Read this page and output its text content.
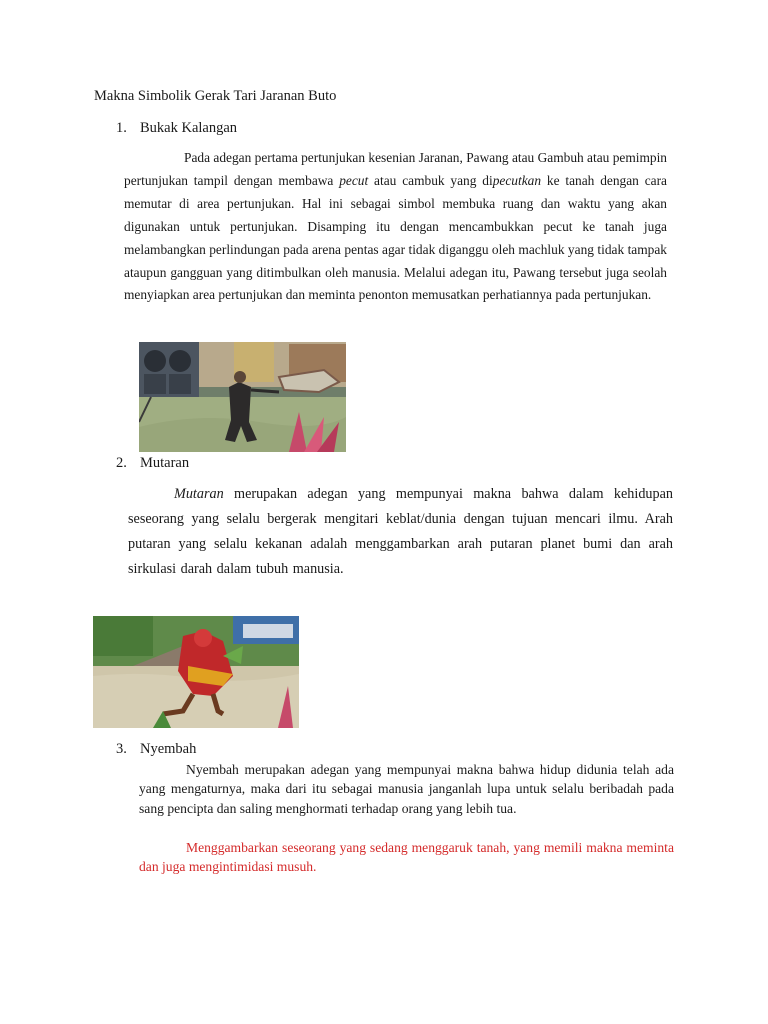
Makna Simbolik Gerak Tari Jaranan Buto
1. Bukak Kalangan

Pada adegan pertama pertunjukan kesenian Jaranan, Pawang atau Gambuh atau pemimpin pertunjukan tampil dengan membawa pecut atau cambuk yang dipecutkan ke tanah dengan cara memutar di area pertunjukan. Hal ini sebagai simbol membuka ruang dan waktu yang akan digunakan untuk pertunjukan. Disamping itu dengan mencambukkan pecut ke tanah juga melambangkan perlindungan pada arena pentas agar tidak diganggu oleh machluk yang tidak tampak ataupun gangguan yang ditimbulkan oleh manusia. Melalui adegan itu, Pawang tersebut juga seolah menyiapkan area pertunjukan dan meminta penonton memusatkan perhatiannya pada pertunjukan.

2. Mutaran

Mutaran merupakan adegan yang mempunyai makna bahwa dalam kehidupan seseorang yang selalu bergerak mengitari keblat/dunia dengan tujuan mencari ilmu. Arah putaran yang selalu kekanan adalah menggambarkan arah putaran planet bumi dan arah sirkulasi darah dalam tubuh manusia.

3. Nyembah

Nyembah merupakan adegan yang mempunyai makna bahwa hidup didunia telah ada yang mengaturnya, maka dari itu sebagai manusia janganlah lupa untuk selalu beribadah pada sang pencipta dan saling menghormati terhadap orang yang lebih tua.

Menggambarkan seseorang yang sedang menggaruk tanah, yang memili makna meminta dan juga mengintimidasi musuh.
